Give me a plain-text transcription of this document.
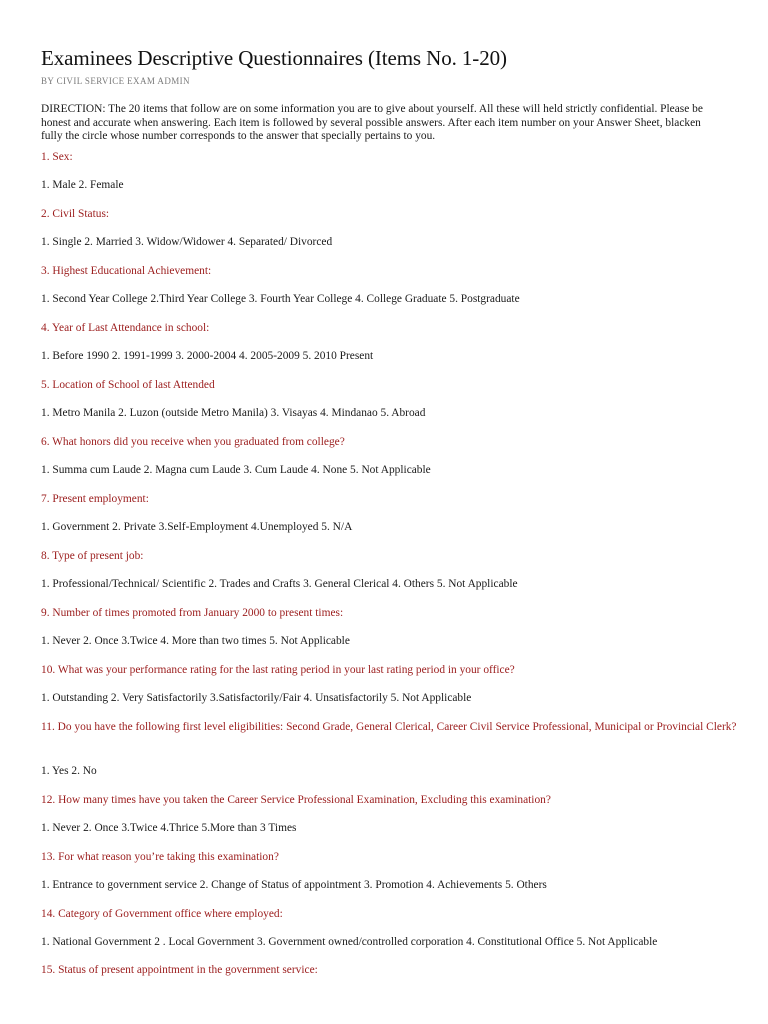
Examinees Descriptive Questionnaires (Items No. 1-20)
BY CIVIL SERVICE EXAM ADMIN
DIRECTION: The 20 items that follow are on some information you are to give about yourself. All these will held strictly confidential. Please be honest and accurate when answering. Each item is followed by several possible answers. After each item number on your Answer Sheet, blacken fully the circle whose number corresponds to the answer that specially pertains to you.
1. Sex:
1. Male 2. Female
2. Civil Status:
1. Single 2. Married 3. Widow/Widower 4. Separated/ Divorced
3. Highest Educational Achievement:
1. Second Year College 2.Third Year College 3. Fourth Year College 4. College Graduate 5. Postgraduate
4. Year of Last Attendance in school:
1. Before 1990 2. 1991-1999 3. 2000-2004 4. 2005-2009 5. 2010 Present
5. Location of School of last Attended
1. Metro Manila 2. Luzon (outside Metro Manila) 3. Visayas 4. Mindanao 5. Abroad
6. What honors did you receive when you graduated from college?
1. Summa cum Laude 2. Magna cum Laude 3. Cum Laude 4. None 5. Not Applicable
7. Present employment:
1. Government 2. Private 3.Self-Employment 4.Unemployed 5. N/A
8. Type of present job:
1. Professional/Technical/ Scientific 2. Trades and Crafts 3. General Clerical 4. Others 5. Not Applicable
9. Number of times promoted from January 2000 to present times:
1. Never 2. Once 3.Twice 4. More than two times 5. Not Applicable
10. What was your performance rating for the last rating period in your last rating period in your office?
1. Outstanding 2. Very Satisfactorily 3.Satisfactorily/Fair 4. Unsatisfactorily 5. Not Applicable
11. Do you have the following first level eligibilities: Second Grade, General Clerical, Career Civil Service Professional, Municipal or Provincial Clerk?
1. Yes 2. No
12. How many times have you taken the Career Service Professional Examination, Excluding this examination?
1. Never 2. Once 3.Twice 4.Thrice 5.More than 3 Times
13. For what reason you’re taking this examination?
1. Entrance to government service 2. Change of Status of appointment 3. Promotion 4. Achievements 5. Others
14. Category of Government office where employed:
1. National Government 2 . Local Government 3. Government owned/controlled corporation 4. Constitutional Office 5. Not Applicable
15. Status of present appointment in the government service:
